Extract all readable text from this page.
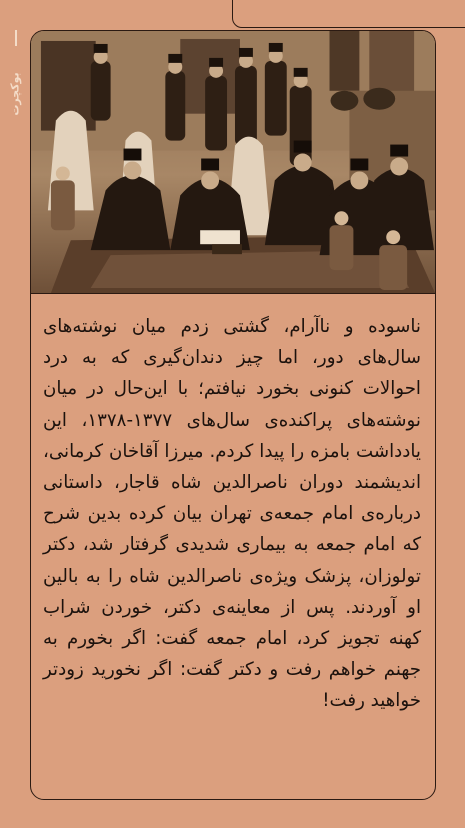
بوکچرت
ناسوده و ناآرام، گشتی زدم میان نوشته‌های سال‌های دور، اما چیز دندان‌گیری که به درد احوالات کنونی بخورد نیافتم؛ با این‌حال در میان نوشته‌های پراکنده‌ی سال‌های ۱۳۷۷-۱۳۷۸، این یادداشت بامزه را پیدا کردم. میرزا آقاخان کرمانی، اندیشمند دوران ناصرالدین شاه قاجار، داستانی درباره‌ی امام جمعه‌ی تهران بیان کرده بدین شرح که امام جمعه به بیماری شدیدی گرفتار شد، دکتر تولوزان، پزشک ویژه‌ی ناصرالدین شاه را به بالین او آوردند. پس از معاینه‌ی دکتر، خوردن شراب کهنه تجویز کرد، امام جمعه گفت: اگر بخورم به جهنم خواهم رفت و دکتر گفت: اگر نخورید زودتر خواهید رفت!
